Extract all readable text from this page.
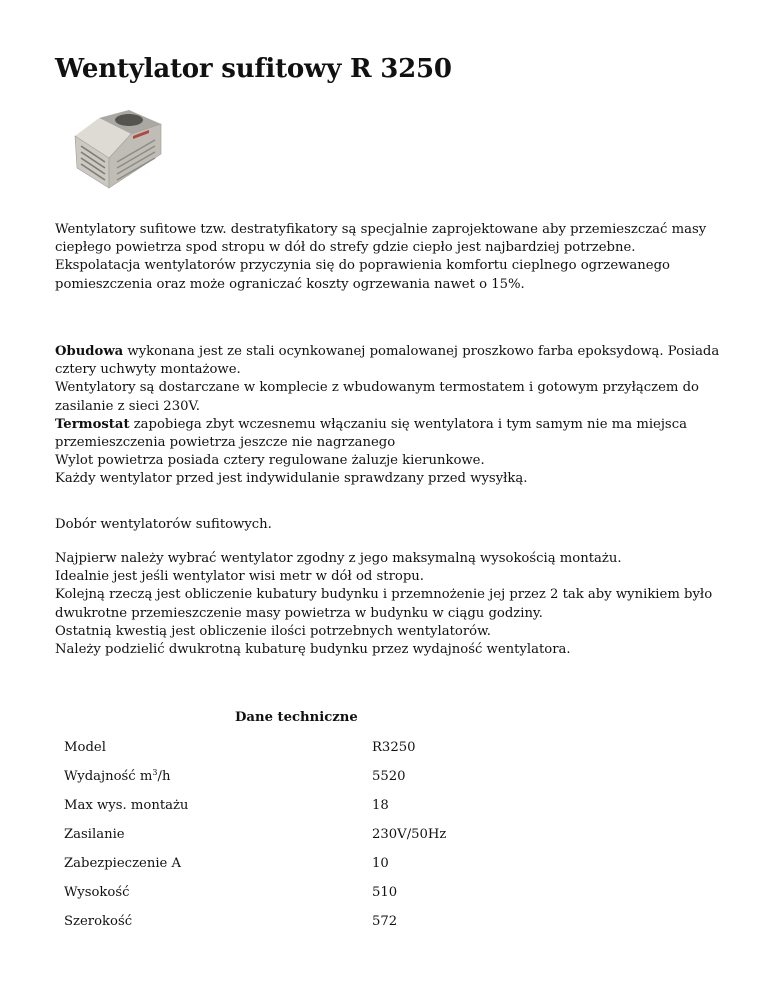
Wentylator sufitowy R 3250
Wentylatory sufitowe tzw. destratyfikatory są specjalnie zaprojektowane aby przemieszczać masy
ciepłego powietrza spod stropu w dół do strefy gdzie ciepło jest najbardziej potrzebne.
Ekspolatacja wentylatorów przyczynia się do poprawienia komfortu cieplnego ogrzewanego
pomieszczenia oraz może ograniczać koszty ogrzewania nawet o 15%.
Obudowa wykonana jest ze stali ocynkowanej pomalowanej proszkowo farba epoksydową. Posiada
cztery uchwyty montażowe.
Wentylatory są dostarczane w komplecie z wbudowanym termostatem i gotowym przyłączem do
zasilanie z sieci 230V.
Termostat zapobiega zbyt wczesnemu włączaniu się wentylatora i tym samym nie ma miejsca
przemieszczenia powietrza jeszcze nie nagrzanego
Wylot powietrza posiada cztery regulowane żaluzje kierunkowe.
Każdy wentylator przed jest indywidulanie sprawdzany przed wysyłką.
Dobór wentylatorów sufitowych.
Najpierw należy wybrać wentylator zgodny z jego maksymalną wysokością montażu.
Idealnie jest jeśli wentylator wisi metr w dół od stropu.
Kolejną rzeczą jest obliczenie kubatury budynku i przemnożenie jej przez 2 tak aby wynikiem było
dwukrotne przemieszczenie masy powietrza w budynku w ciągu godziny.
Ostatnią kwestią jest obliczenie ilości potrzebnych wentylatorów.
Należy podzielić dwukrotną kubaturę budynku przez wydajność wentylatora.
Dane techniczne
Model	R3250
Wydajność $m^3/h$	5520
Max wys. montażu	18
Zasilanie	230V/50Hz
Zabezpieczenie A	10
Wysokość	510
Szerokość	572
